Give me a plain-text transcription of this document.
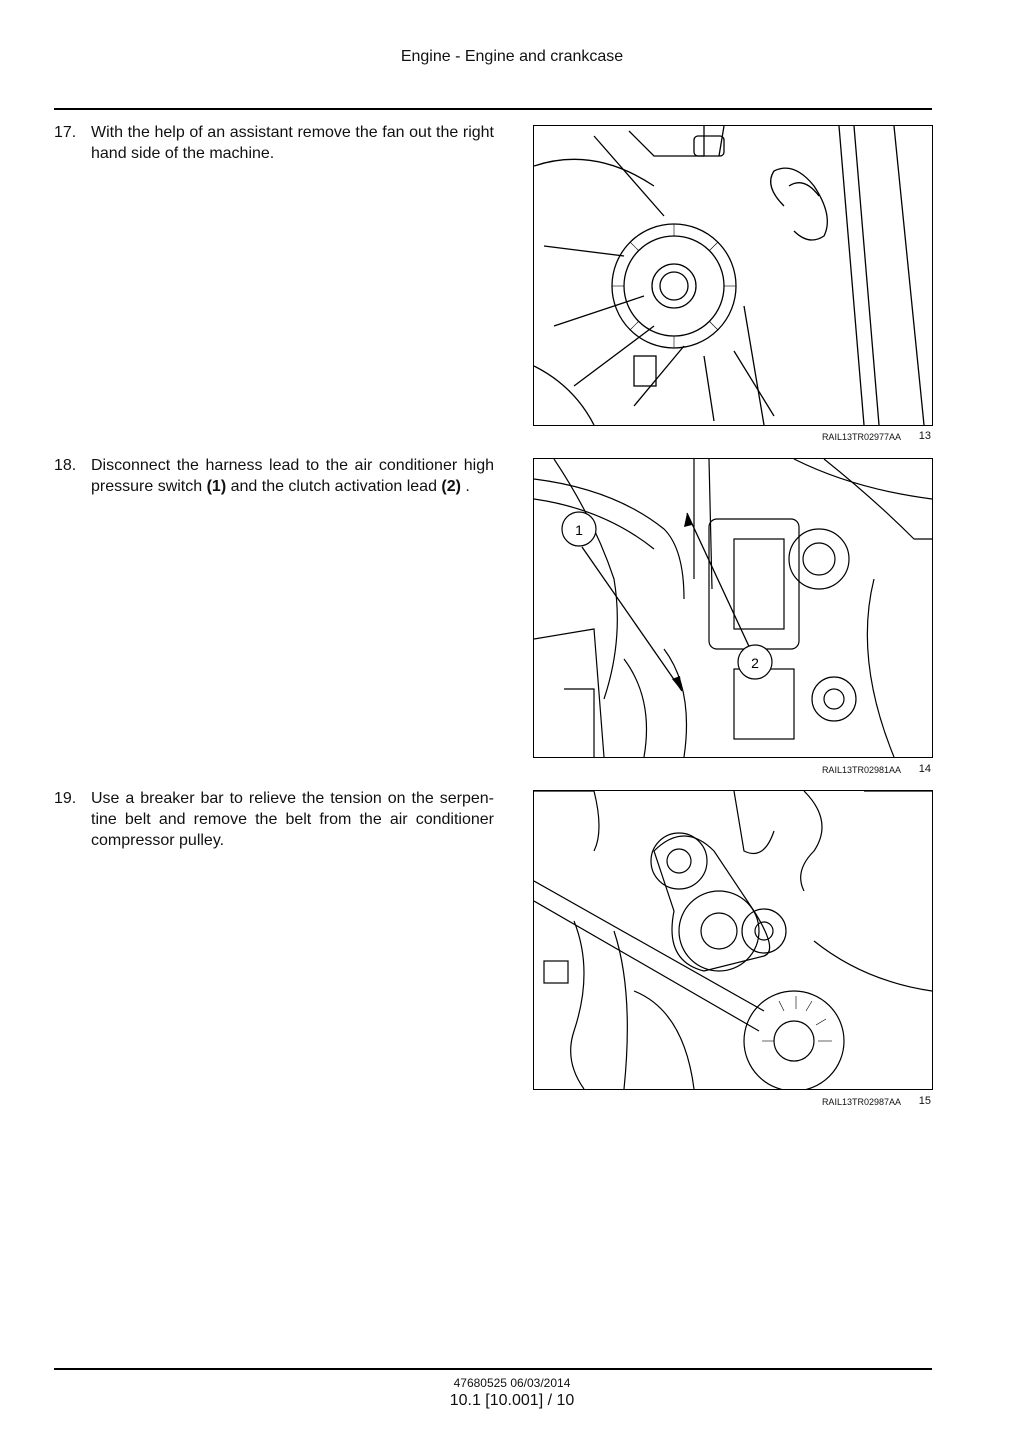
Engine - Engine and crankcase
17. With the help of an assistant remove the fan out the right hand side of the machine.
RAIL13TR02977AA 13
18. Disconnect the harness lead to the air conditioner high pressure switch (1) and the clutch activation lead (2) .
1
2
RAIL13TR02981AA 14
19. Use a breaker bar to relieve the tension on the serpen-tine belt and remove the belt from the air conditioner compressor pulley.
RAIL13TR02987AA 15
47680525 06/03/2014
10.1 [10.001] / 10
